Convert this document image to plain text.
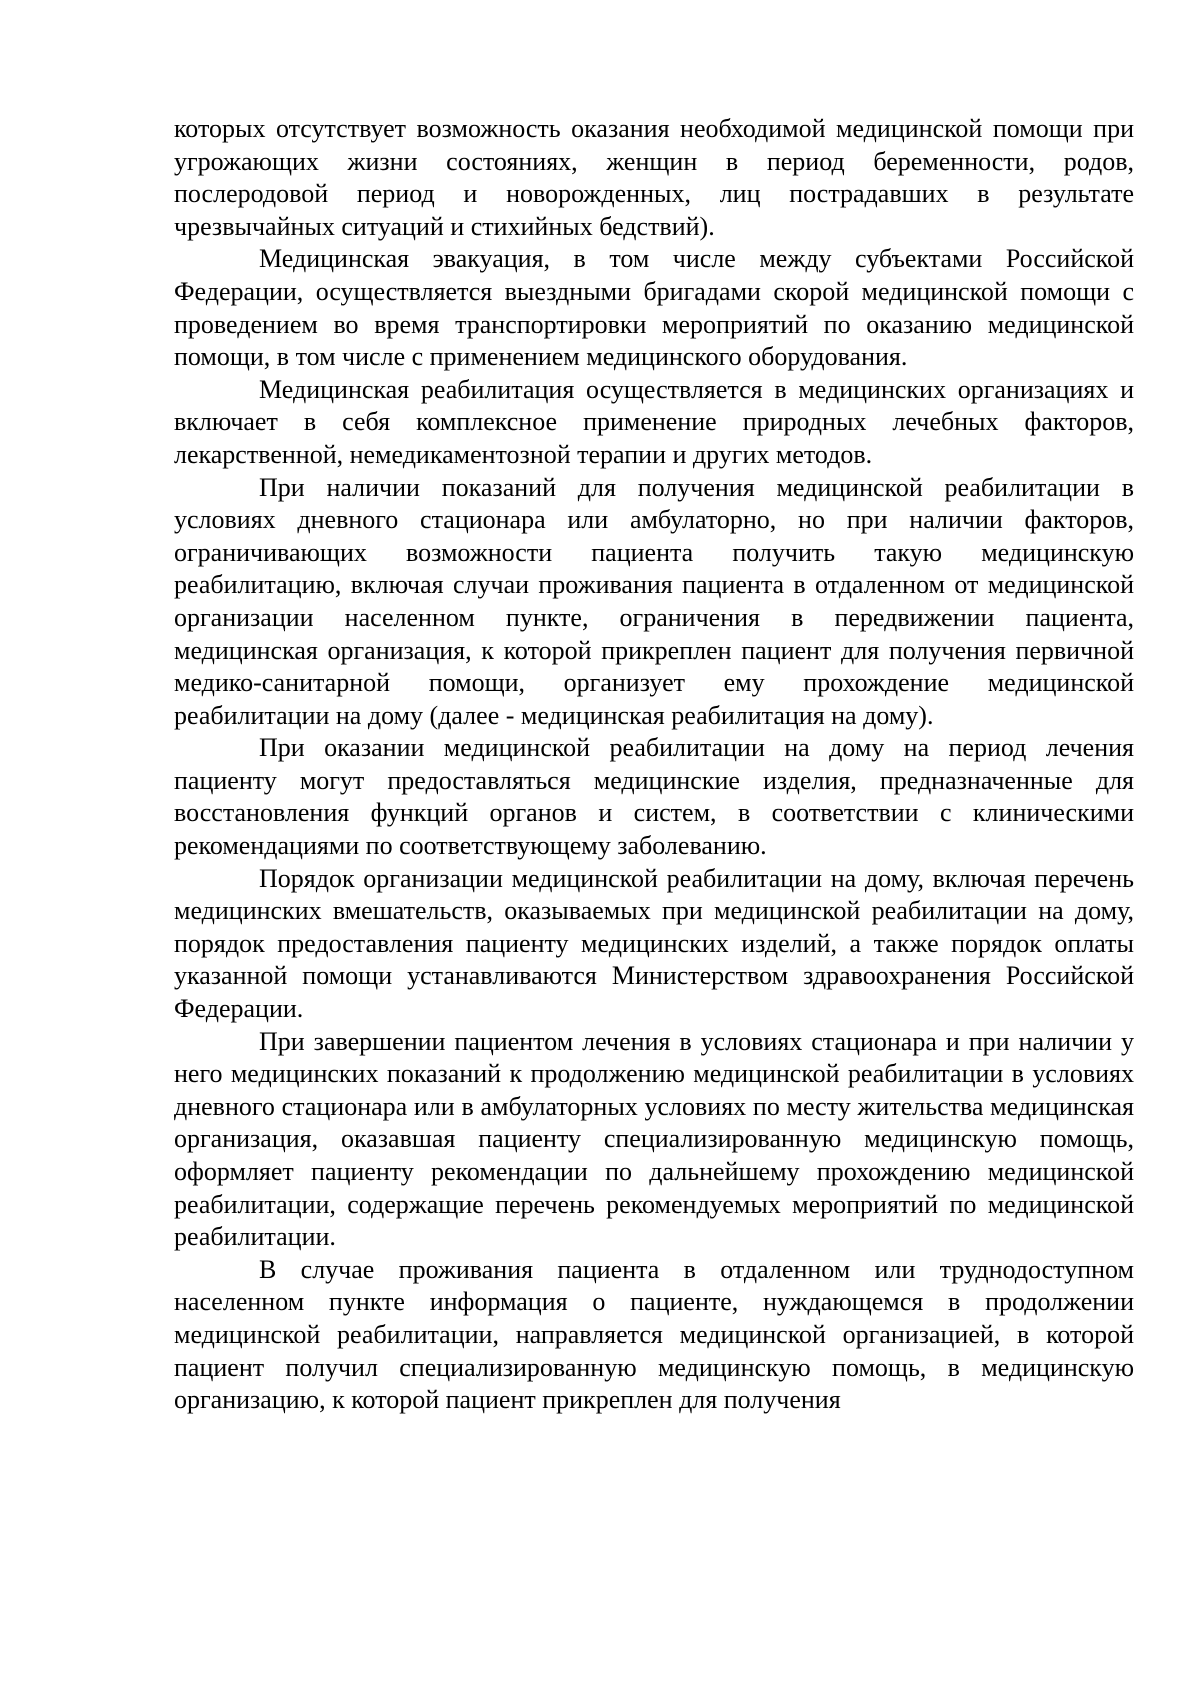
которых отсутствует возможность оказания необходимой медицинской помощи при угрожающих жизни состояниях, женщин в период беременности, родов, послеродовой период и новорожденных, лиц пострадавших в результате чрезвычайных ситуаций и стихийных бедствий).

Медицинская эвакуация, в том числе между субъектами Российской Федерации, осуществляется выездными бригадами скорой медицинской помощи с проведением во время транспортировки мероприятий по оказанию медицинской помощи, в том числе с применением медицинского оборудования.

Медицинская реабилитация осуществляется в медицинских организациях и включает в себя комплексное применение природных лечебных факторов, лекарственной, немедикаментозной терапии и других методов.

При наличии показаний для получения медицинской реабилитации в условиях дневного стационара или амбулаторно, но при наличии факторов, ограничивающих возможности пациента получить такую медицинскую реабилитацию, включая случаи проживания пациента в отдаленном от медицинской организации населенном пункте, ограничения в передвижении пациента, медицинская организация, к которой прикреплен пациент для получения первичной медико-санитарной помощи, организует ему прохождение медицинской реабилитации на дому (далее - медицинская реабилитация на дому).

При оказании медицинской реабилитации на дому на период лечения пациенту могут предоставляться медицинские изделия, предназначенные для восстановления функций органов и систем, в соответствии с клиническими рекомендациями по соответствующему заболеванию.

Порядок организации медицинской реабилитации на дому, включая перечень медицинских вмешательств, оказываемых при медицинской реабилитации на дому, порядок предоставления пациенту медицинских изделий, а также порядок оплаты указанной помощи устанавливаются Министерством здравоохранения Российской Федерации.

При завершении пациентом лечения в условиях стационара и при наличии у него медицинских показаний к продолжению медицинской реабилитации в условиях дневного стационара или в амбулаторных условиях по месту жительства медицинская организация, оказавшая пациенту специализированную медицинскую помощь, оформляет пациенту рекомендации по дальнейшему прохождению медицинской реабилитации, содержащие перечень рекомендуемых мероприятий по медицинской реабилитации.

В случае проживания пациента в отдаленном или труднодоступном населенном пункте информация о пациенте, нуждающемся в продолжении медицинской реабилитации, направляется медицинской организацией, в которой пациент получил специализированную медицинскую помощь, в медицинскую организацию, к которой пациент прикреплен для получения
